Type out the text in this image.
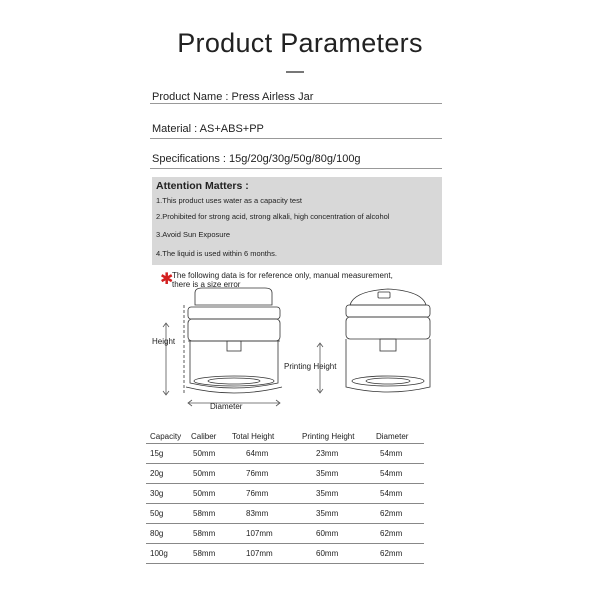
Product Parameters
Product Name : Press Airless Jar
Material : AS+ABS+PP
Specifications : 15g/20g/30g/50g/80g/100g
Attention Matters :
1.This product uses water as a capacity test
2.Prohibited for strong acid, strong alkali, high concentration of alcohol
3.Avoid Sun Exposure
4.The liquid is used within 6 months.
✱
The following data is for reference only, manual measurement,
there is a size error
Height
Diameter
Printing Height
Capacity	Caliber	Total Height	Printing Height	Diameter
15g	50mm	64mm	23mm	54mm
20g	50mm	76mm	35mm	54mm
30g	50mm	76mm	35mm	54mm
50g	58mm	83mm	35mm	62mm
80g	58mm	107mm	60mm	62mm
100g	58mm	107mm	60mm	62mm
